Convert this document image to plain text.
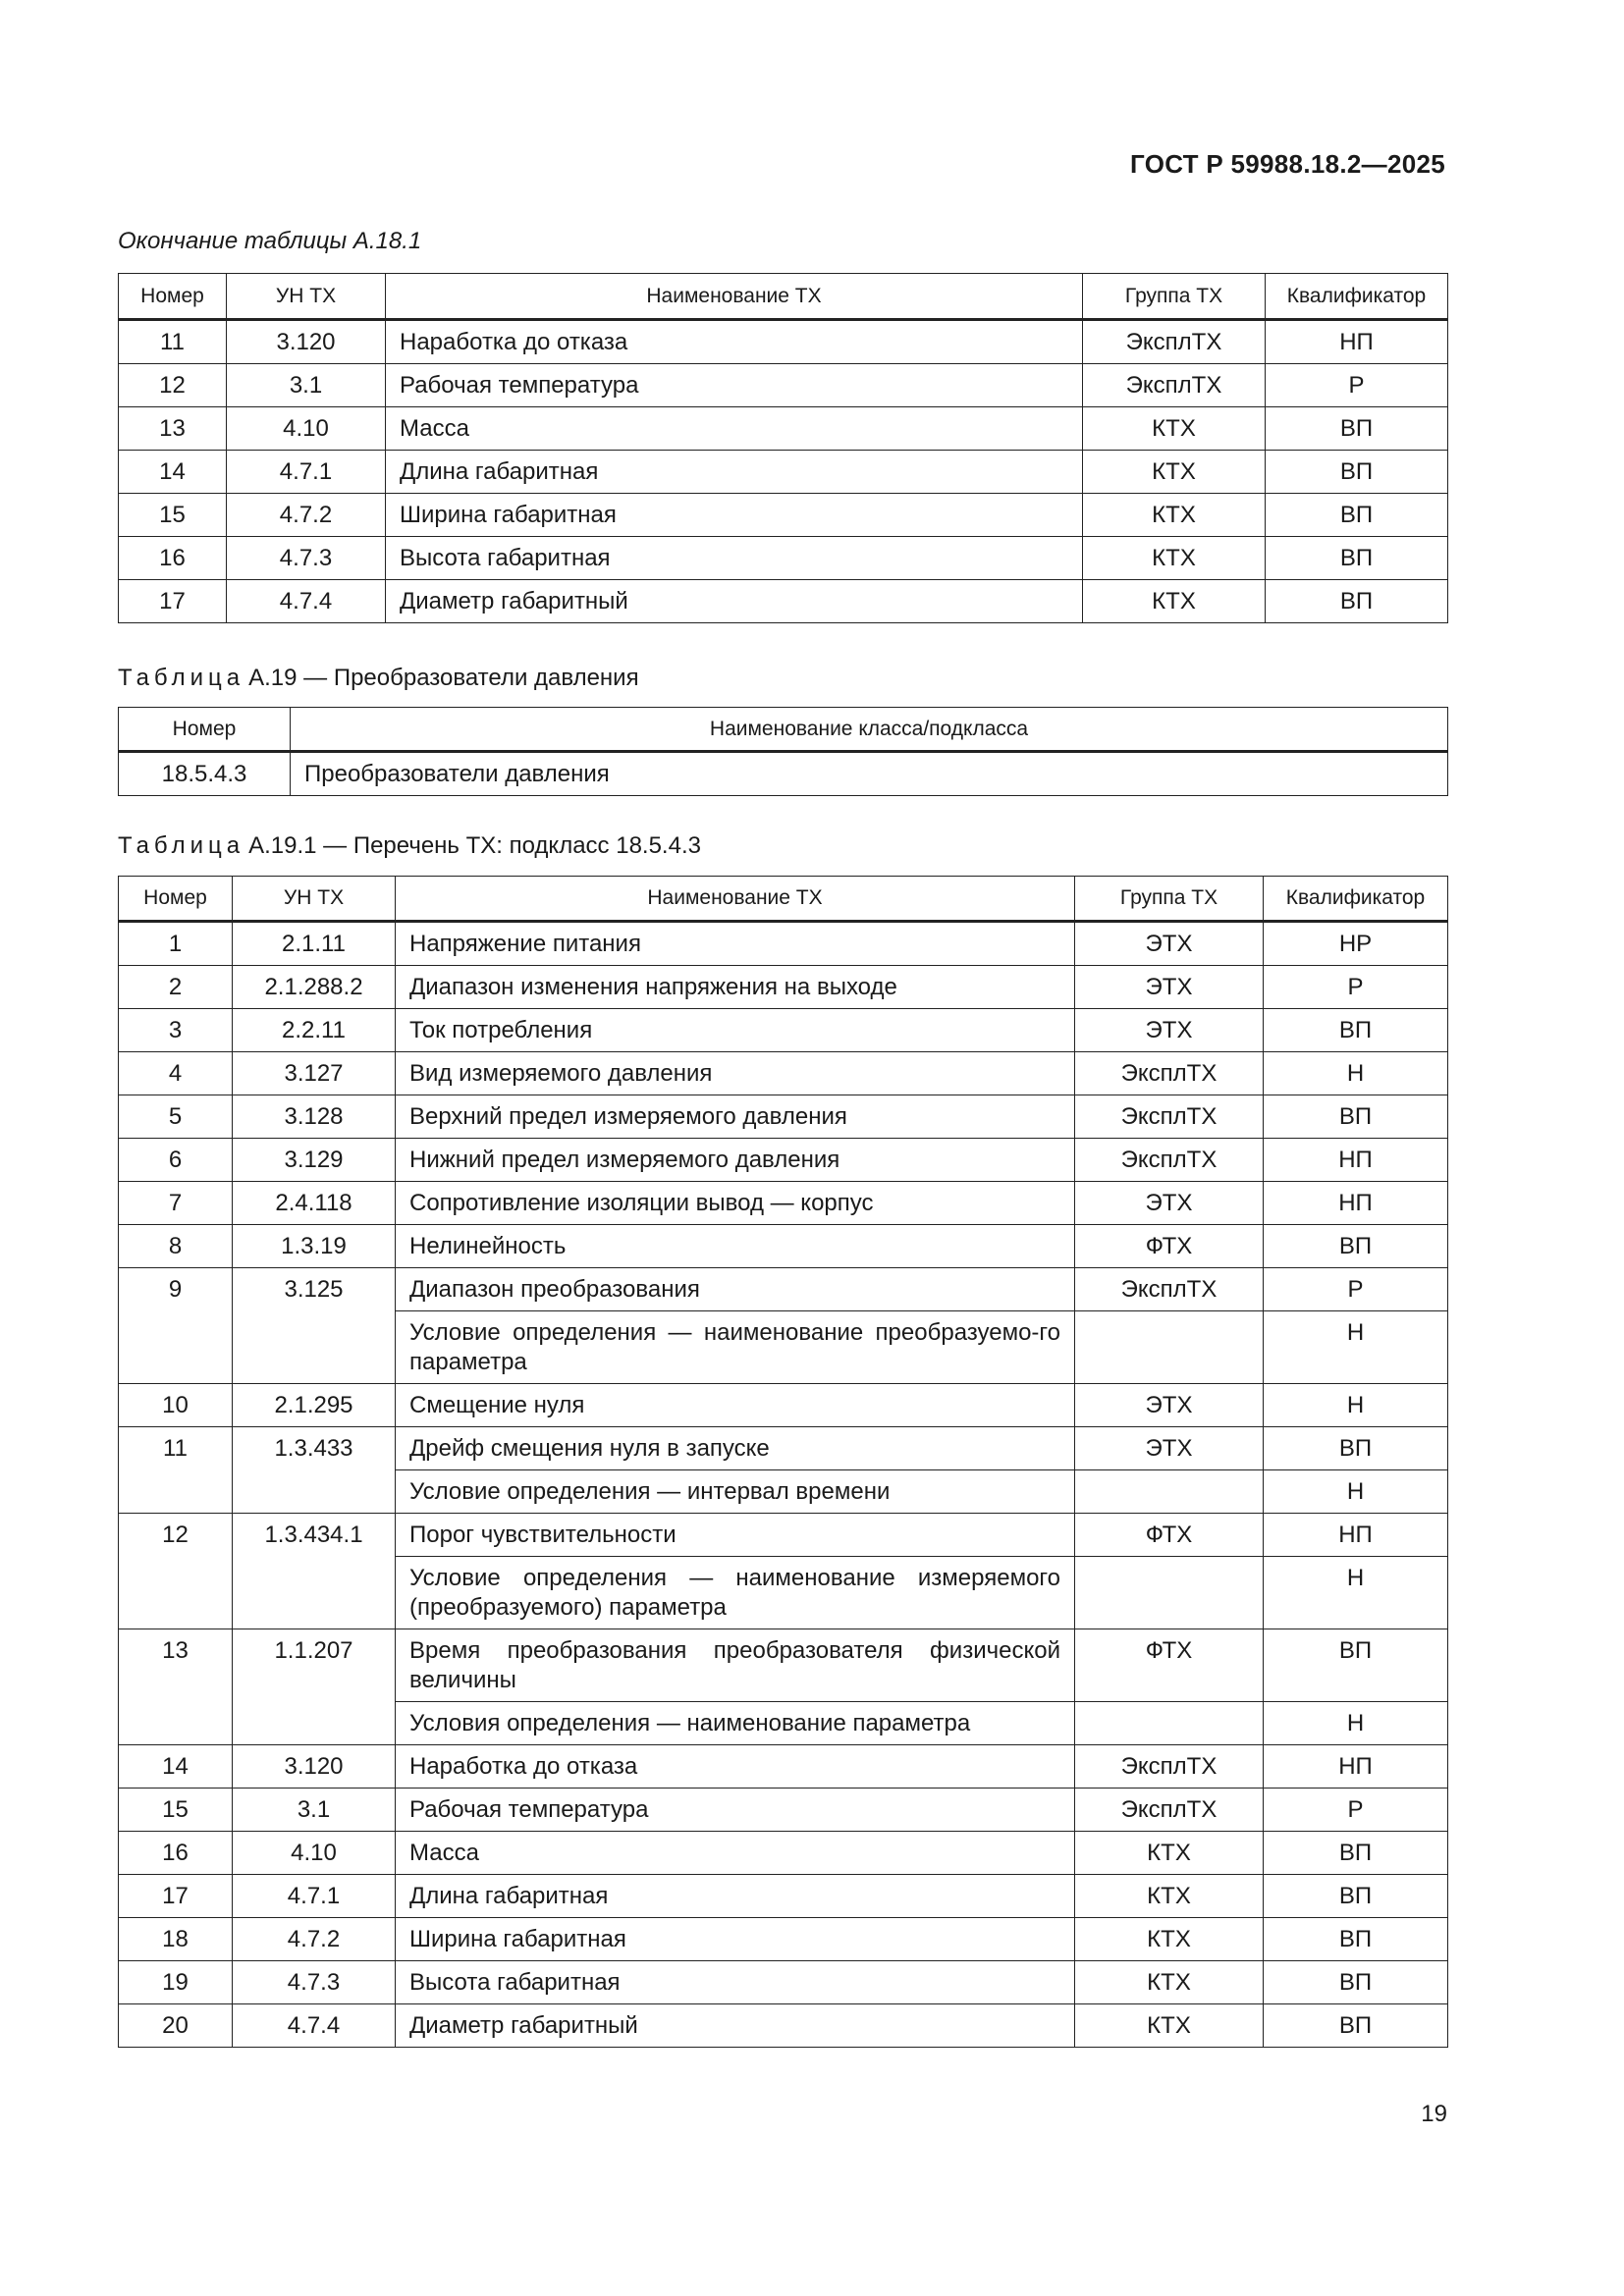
ГОСТ Р 59988.18.2—2025
Окончание таблицы А.18.1
Номер	УН ТХ	Наименование ТХ	Группа ТХ	Квалификатор
11	3.120	Наработка до отказа	ЭксплТХ	НП
12	3.1	Рабочая температура	ЭксплТХ	Р
13	4.10	Масса	КТХ	ВП
14	4.7.1	Длина габаритная	КТХ	ВП
15	4.7.2	Ширина габаритная	КТХ	ВП
16	4.7.3	Высота габаритная	КТХ	ВП
17	4.7.4	Диаметр габаритный	КТХ	ВП
Таблица А.19 — Преобразователи давления
Номер	Наименование класса/подкласса
18.5.4.3	Преобразователи давления
Таблица А.19.1 — Перечень ТХ: подкласс 18.5.4.3
Номер	УН ТХ	Наименование ТХ	Группа ТХ	Квалификатор
1	2.1.11	Напряжение питания	ЭТХ	НР
2	2.1.288.2	Диапазон изменения напряжения на выходе	ЭТХ	Р
3	2.2.11	Ток потребления	ЭТХ	ВП
4	3.127	Вид измеряемого давления	ЭксплТХ	Н
5	3.128	Верхний предел измеряемого давления	ЭксплТХ	ВП
6	3.129	Нижний предел измеряемого давления	ЭксплТХ	НП
7	2.4.118	Сопротивление изоляции вывод — корпус	ЭТХ	НП
8	1.3.19	Нелинейность	ФТХ	ВП
9	3.125	Диапазон преобразования	ЭксплТХ	Р
		Условие определения — наименование преобразуемо-го параметра		Н
10	2.1.295	Смещение нуля	ЭТХ	Н
11	1.3.433	Дрейф смещения нуля в запуске	ЭТХ	ВП
		Условие определения — интервал времени		Н
12	1.3.434.1	Порог чувствительности	ФТХ	НП
		Условие определения — наименование измеряемого (преобразуемого) параметра		Н
13	1.1.207	Время преобразования преобразователя физической величины	ФТХ	ВП
		Условия определения — наименование параметра		Н
14	3.120	Наработка до отказа	ЭксплТХ	НП
15	3.1	Рабочая температура	ЭксплТХ	Р
16	4.10	Масса	КТХ	ВП
17	4.7.1	Длина габаритная	КТХ	ВП
18	4.7.2	Ширина габаритная	КТХ	ВП
19	4.7.3	Высота габаритная	КТХ	ВП
20	4.7.4	Диаметр габаритный	КТХ	ВП
19
